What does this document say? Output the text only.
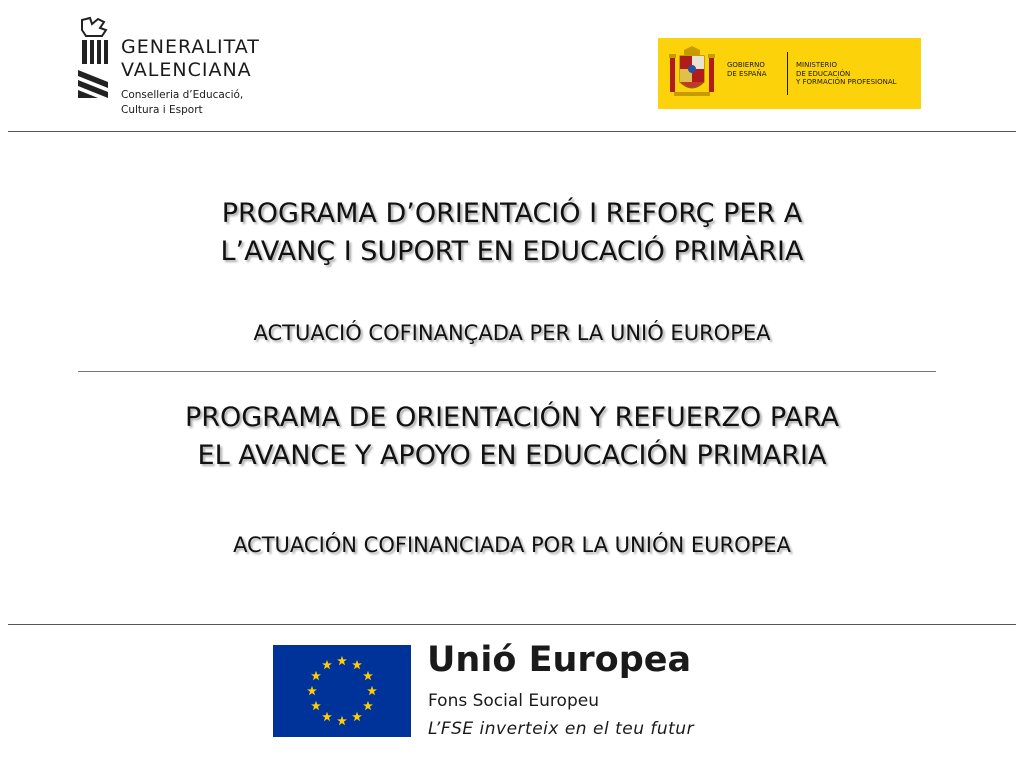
GENERALITAT
VALENCIANA
Conselleria d’Educació,
Cultura i Esport
GOBIERNO
DE ESPAÑA
MINISTERIO
DE EDUCACIÓN
Y FORMACIÓN PROFESIONAL
PROGRAMA D’ORIENTACIÓ I REFORÇ PER A
L’AVANÇ I SUPORT EN EDUCACIÓ PRIMÀRIA
ACTUACIÓ COFINANÇADA PER LA UNIÓ EUROPEA
PROGRAMA DE ORIENTACIÓN Y REFUERZO PARA
EL AVANCE Y APOYO EN EDUCACIÓN PRIMARIA
ACTUACIÓN COFINANCIADA POR LA UNIÓN EUROPEA
Unió Europea
Fons Social Europeu
L’FSE inverteix en el teu futur
